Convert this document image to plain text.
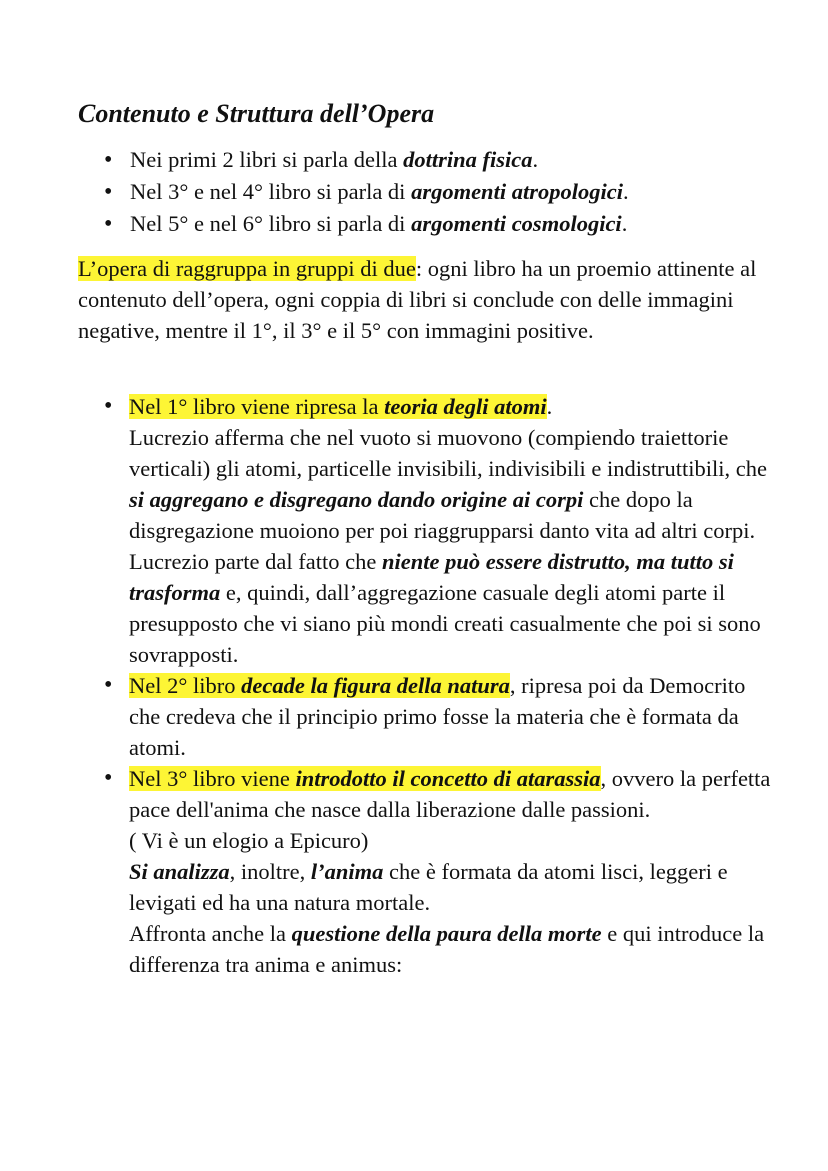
Contenuto e Struttura dell’Opera
• Nei primi 2 libri si parla della dottrina fisica.
• Nel 3° e nel 4° libro si parla di argomenti atropologici.
• Nel 5° e nel 6° libro si parla di argomenti cosmologici.

L’opera di raggruppa in gruppi di due: ogni libro ha un proemio attinente al contenuto dell’opera, ogni coppia di libri si conclude con delle immagini negative, mentre il 1°, il 3° e il 5° con immagini positive.

• Nel 1° libro viene ripresa la teoria degli atomi.
Lucrezio afferma che nel vuoto si muovono (compiendo traiettorie verticali) gli atomi, particelle invisibili, indivisibili e indistruttibili, che si aggregano e disgregano dando origine ai corpi che dopo la disgregazione muoiono per poi riaggrupparsi danto vita ad altri corpi.
Lucrezio parte dal fatto che niente può essere distrutto, ma tutto si trasforma e, quindi, dall’aggregazione casuale degli atomi parte il presupposto che vi siano più mondi creati casualmente che poi si sono sovrapposti.
• Nel 2° libro decade la figura della natura, ripresa poi da Democrito che credeva che il principio primo fosse la materia che è formata da atomi.
• Nel 3° libro viene introdotto il concetto di atarassia, ovvero la perfetta pace dell'anima che nasce dalla liberazione dalle passioni.
( Vi è un elogio a Epicuro)
Si analizza, inoltre, l’anima che è formata da atomi lisci, leggeri e levigati ed ha una natura mortale.
Affronta anche la questione della paura della morte e qui introduce la differenza tra anima e animus:
